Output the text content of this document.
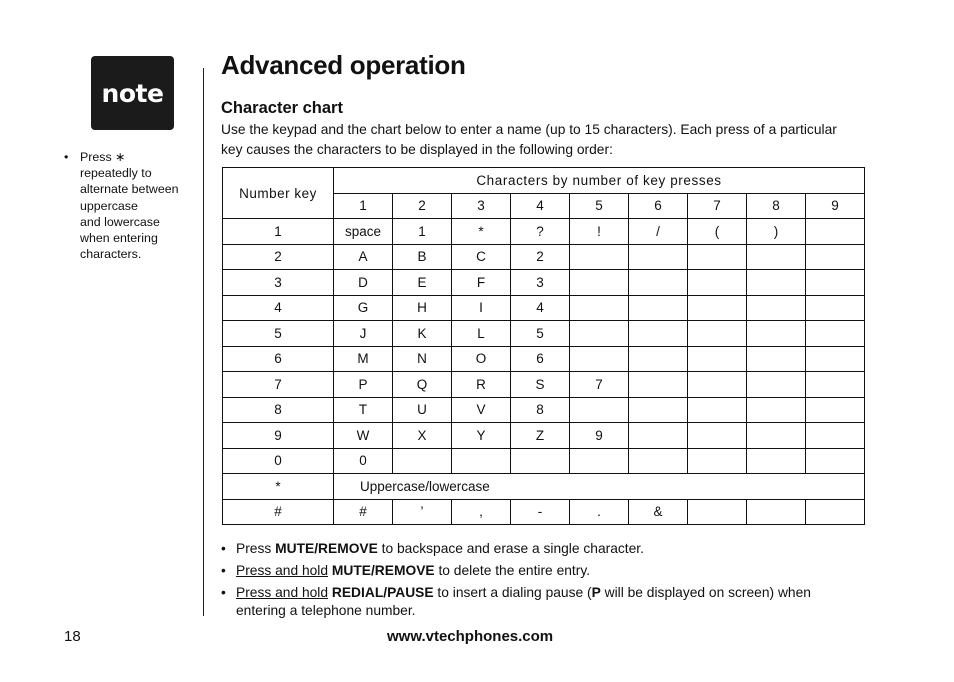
note
• Press ∗
repeatedly to
alternate between
uppercase
and lowercase
when entering
characters.
Advanced operation
Character chart
Use the keypad and the chart below to enter a name (up to 15 characters). Each press of a particular
key causes the characters to be displayed in the following order:
Number key	Characters by number of key presses								
	1	2	3	4	5	6	7	8	9
1	space	1	*	?	!	/	(	)	
2	A	B	C	2					
3	D	E	F	3					
4	G	H	I	4					
5	J	K	L	5					
6	M	N	O	6					
7	P	Q	R	S	7				
8	T	U	V	8					
9	W	X	Y	Z	9				
0	0								
*	Uppercase/lowercase								
#	#	’	,	-	.	&			
• Press MUTE/REMOVE to backspace and erase a single character.
• Press and hold MUTE/REMOVE to delete the entire entry.
• Press and hold REDIAL/PAUSE to insert a dialing pause (P will be displayed on screen) when
entering a telephone number.
18	www.vtechphones.com
